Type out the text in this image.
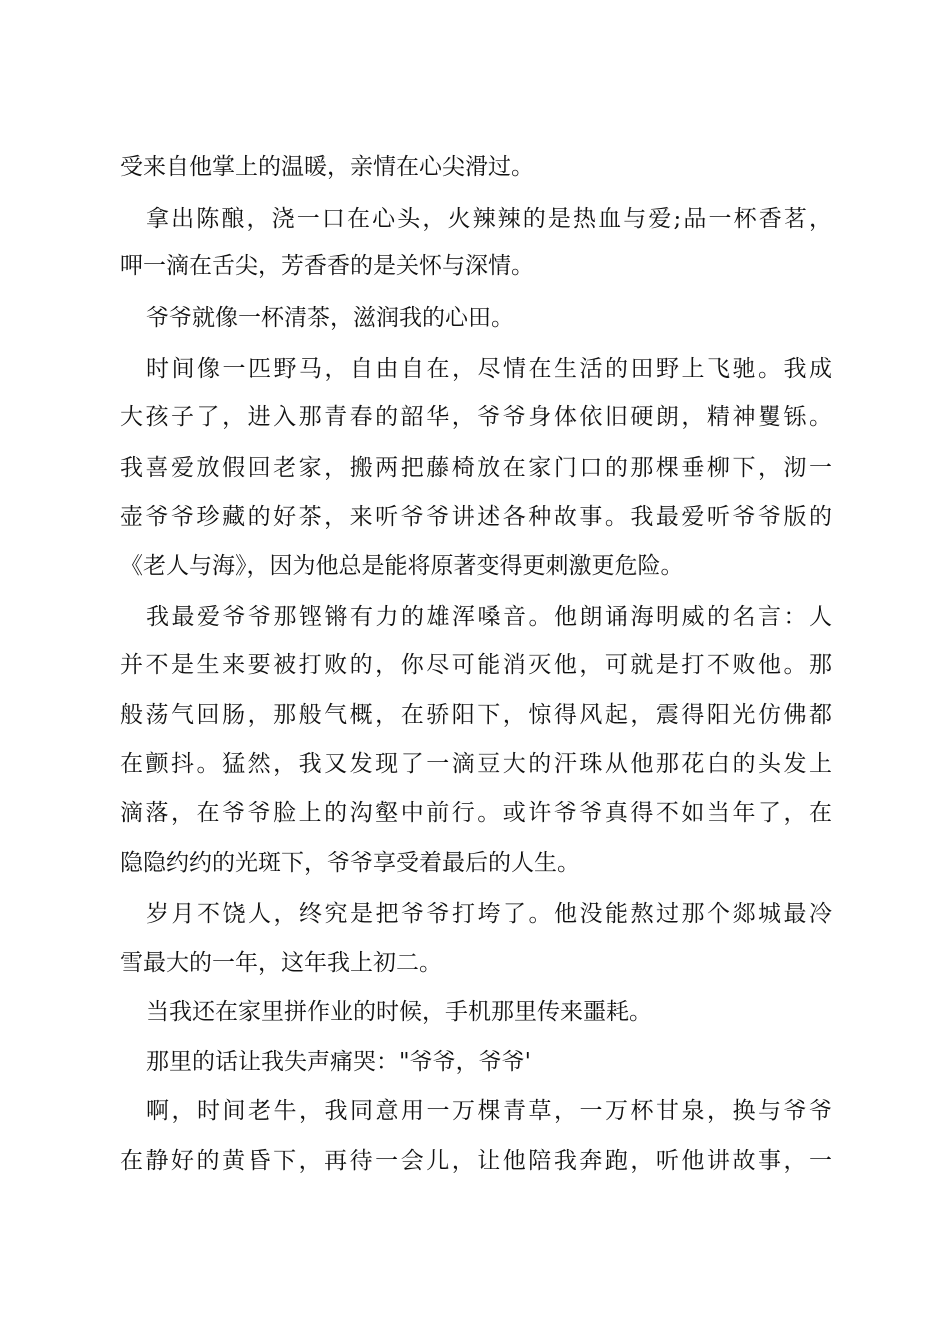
受来自他掌上的温暖，亲情在心尖滑过。
拿出陈酿，浇一口在心头，火辣辣的是热血与爱;品一杯香茗，
呷一滴在舌尖，芳香香的是关怀与深情。
爷爷就像一杯清茶，滋润我的心田。
时间像一匹野马，自由自在，尽情在生活的田野上飞驰。我成
大孩子了，进入那青春的韶华，爷爷身体依旧硬朗，精神矍铄。
我喜爱放假回老家，搬两把藤椅放在家门口的那棵垂柳下，沏一
壶爷爷珍藏的好茶，来听爷爷讲述各种故事。我最爱听爷爷版的
《老人与海》，因为他总是能将原著变得更刺激更危险。
我最爱爷爷那铿锵有力的雄浑嗓音。他朗诵海明威的名言：人
并不是生来要被打败的，你尽可能消灭他，可就是打不败他。那
般荡气回肠，那般气概，在骄阳下，惊得风起，震得阳光仿佛都
在颤抖。猛然，我又发现了一滴豆大的汗珠从他那花白的头发上
滴落，在爷爷脸上的沟壑中前行。或许爷爷真得不如当年了，在
隐隐约约的光斑下，爷爷享受着最后的人生。
岁月不饶人，终究是把爷爷打垮了。他没能熬过那个郯城最冷
雪最大的一年，这年我上初二。
当我还在家里拼作业的时候，手机那里传来噩耗。
那里的话让我失声痛哭："爷爷，爷爷'
啊，时间老牛，我同意用一万棵青草，一万杯甘泉，换与爷爷
在静好的黄昏下，再待一会儿，让他陪我奔跑，听他讲故事，一
